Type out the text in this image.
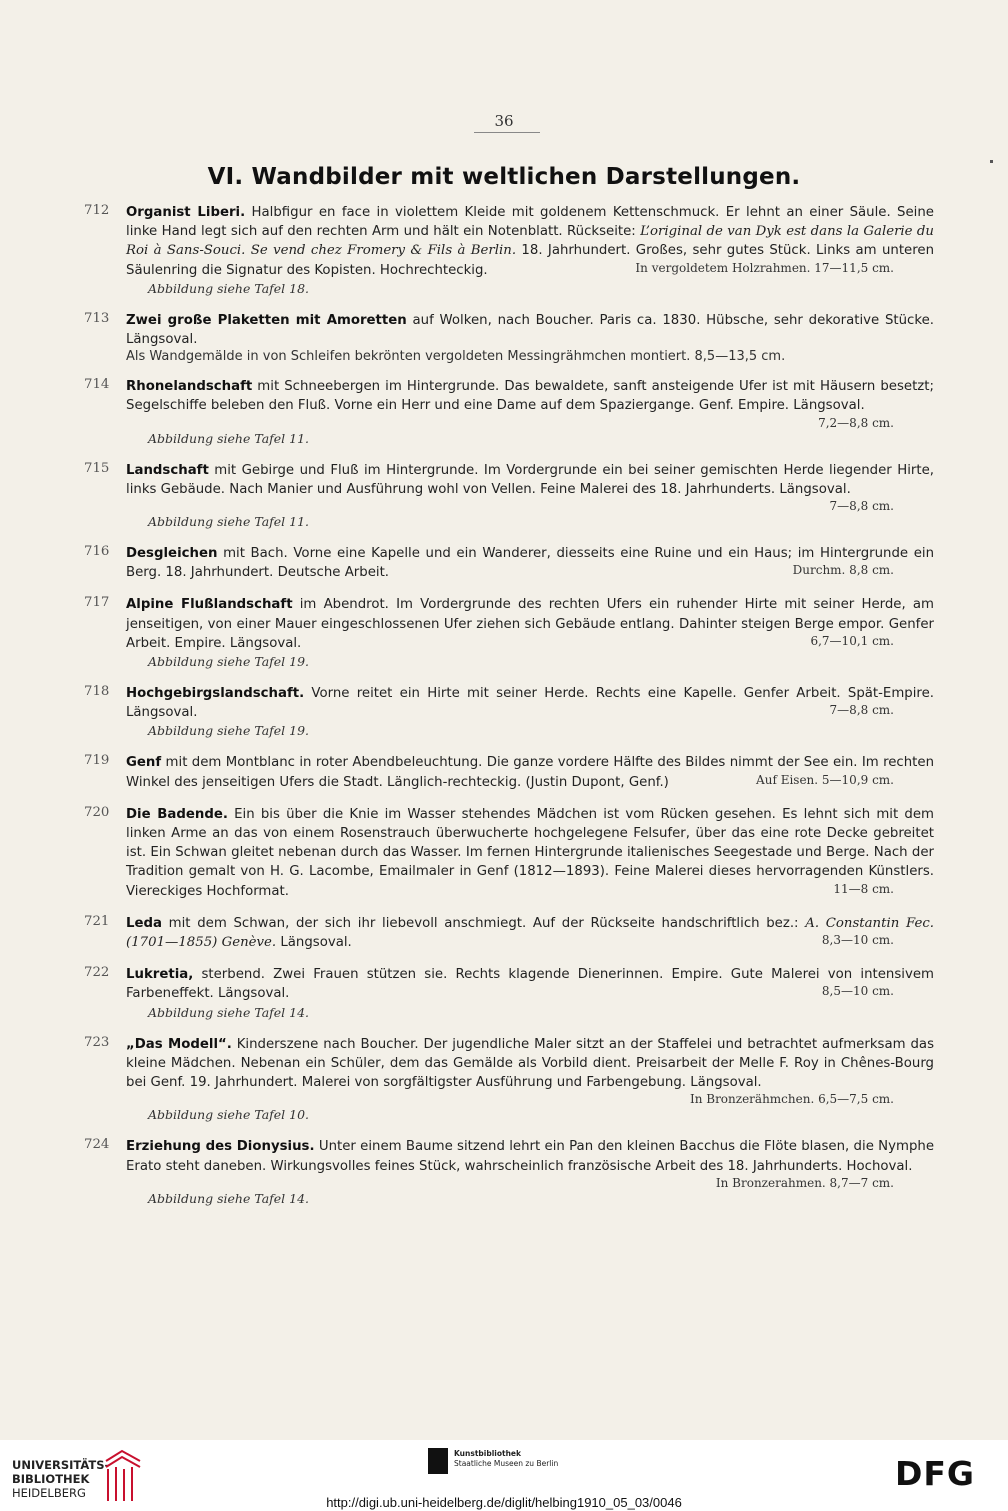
36
VI. Wandbilder mit weltlichen Darstellungen.
712 Organist Liberi. Halbfigur en face in violettem Kleide mit goldenem Kettenschmuck. Er lehnt an einer Säule. Seine linke Hand legt sich auf den rechten Arm und hält ein Notenblatt. Rückseite: L’original de van Dyk est dans la Galerie du Roi à Sans-Souci. Se vend chez Fromery & Fils à Berlin. 18. Jahrhundert. Großes, sehr gutes Stück. Links am unteren Säulenring die Signatur des Kopisten. Hochrechteckig.	In vergoldetem Holzrahmen. 17—11,5 cm.
Abbildung siehe Tafel 18.
713 Zwei große Plaketten mit Amoretten auf Wolken, nach Boucher. Paris ca. 1830. Hübsche, sehr dekorative Stücke. Längsoval.
Als Wandgemälde in von Schleifen bekrönten vergoldeten Messingrähmchen montiert. 8,5—13,5 cm.
714 Rhonelandschaft mit Schneebergen im Hintergrunde. Das bewaldete, sanft ansteigende Ufer ist mit Häusern besetzt; Segelschiffe beleben den Fluß. Vorne ein Herr und eine Dame auf dem Spaziergange. Genf. Empire. Längsoval.
7,2—8,8 cm.
Abbildung siehe Tafel 11.
715 Landschaft mit Gebirge und Fluß im Hintergrunde. Im Vordergrunde ein bei seiner gemischten Herde liegender Hirte, links Gebäude. Nach Manier und Ausführung wohl von Vellen. Feine Malerei des 18. Jahrhunderts. Längsoval.
7—8,8 cm.
Abbildung siehe Tafel 11.
716 Desgleichen mit Bach. Vorne eine Kapelle und ein Wanderer, diesseits eine Ruine und ein Haus; im Hintergrunde ein Berg. 18. Jahrhundert. Deutsche Arbeit.	Durchm. 8,8 cm.
717 Alpine Flußlandschaft im Abendrot. Im Vordergrunde des rechten Ufers ein ruhender Hirte mit seiner Herde, am jenseitigen, von einer Mauer eingeschlossenen Ufer ziehen sich Gebäude entlang. Dahinter steigen Berge empor. Genfer Arbeit. Empire. Längsoval.	6,7—10,1 cm.
Abbildung siehe Tafel 19.
718 Hochgebirgslandschaft. Vorne reitet ein Hirte mit seiner Herde. Rechts eine Kapelle. Genfer Arbeit. Spät-Empire. Längsoval.	7—8,8 cm.
Abbildung siehe Tafel 19.
719 Genf mit dem Montblanc in roter Abendbeleuchtung. Die ganze vordere Hälfte des Bildes nimmt der See ein. Im rechten Winkel des jenseitigen Ufers die Stadt. Länglich-rechteckig. (Justin Dupont, Genf.)	Auf Eisen. 5—10,9 cm.
720 Die Badende. Ein bis über die Knie im Wasser stehendes Mädchen ist vom Rücken gesehen. Es lehnt sich mit dem linken Arme an das von einem Rosenstrauch überwucherte hochgelegene Felsufer, über das eine rote Decke gebreitet ist. Ein Schwan gleitet nebenan durch das Wasser. Im fernen Hintergrunde italienisches Seegestade und Berge. Nach der Tradition gemalt von H. G. Lacombe, Emailmaler in Genf (1812—1893). Feine Malerei dieses hervorragenden Künstlers. Viereckiges Hochformat.	11—8 cm.
721 Leda mit dem Schwan, der sich ihr liebevoll anschmiegt. Auf der Rückseite handschriftlich bez.: A. Constantin Fec. (1701—1855) Genève. Längsoval.	8,3—10 cm.
722 Lukretia, sterbend. Zwei Frauen stützen sie. Rechts klagende Dienerinnen. Empire. Gute Malerei von intensivem Farbeneffekt. Längsoval.	8,5—10 cm.
Abbildung siehe Tafel 14.
723 „Das Modell“. Kinderszene nach Boucher. Der jugendliche Maler sitzt an der Staffelei und betrachtet aufmerksam das kleine Mädchen. Nebenan ein Schüler, dem das Gemälde als Vorbild dient. Preisarbeit der Melle F. Roy in Chênes-Bourg bei Genf. 19. Jahrhundert. Malerei von sorgfältigster Ausführung und Farbengebung. Längsoval.
In Bronzerähmchen. 6,5—7,5 cm.
Abbildung siehe Tafel 10.
724 Erziehung des Dionysius. Unter einem Baume sitzend lehrt ein Pan den kleinen Bacchus die Flöte blasen, die Nymphe Erato steht daneben. Wirkungsvolles feines Stück, wahrscheinlich französische Arbeit des 18. Jahrhunderts. Hochoval.
In Bronzerahmen. 8,7—7 cm.
Abbildung siehe Tafel 14.
UNIVERSITÄTS-
BIBLIOTHEK
HEIDELBERG
Kunstbibliothek
Staatliche Museen zu Berlin	DFG
http://digi.ub.uni-heidelberg.de/diglit/helbing1910_05_03/0046
